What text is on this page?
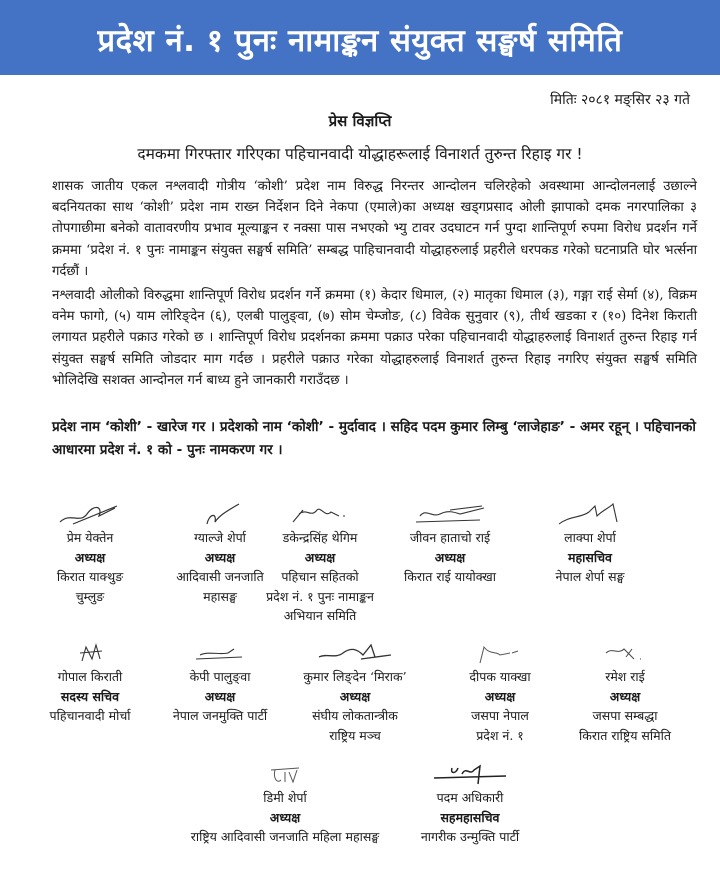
प्रदेश नं. १ पुनः नामाङ्कन संयुक्त सङ्घर्ष समिति
मितिः २०८१ मङ्सिर २३ गते
प्रेस विज्ञप्ति
दमकमा गिरफ्तार गरिएका पहिचानवादी योद्धाहरूलाई विनाशर्त तुरुन्त रिहाइ गर !
शासक जातीय एकल नश्लवादी गोत्रीय ‘कोशी’ प्रदेश नाम विरुद्ध निरन्तर आन्दोलन चलिरहेको अवस्थामा आन्दोलनलाई उछाल्ने बदनियतका साथ ‘कोशी’ प्रदेश नाम राख्न निर्देशन दिने नेकपा (एमाले)का अध्यक्ष खड्गप्रसाद ओली झापाको दमक नगरपालिका ३ तोपगाछीमा बनेको वातावरणीय प्रभाव मूल्याङ्कन र नक्सा पास नभएको भ्यु टावर उदघाटन गर्न पुग्दा शान्तिपूर्ण रुपमा विरोध प्रदर्शन गर्ने क्रममा ‘प्रदेश नं. १ पुनः नामाङ्कन संयुक्त सङ्घर्ष समिति’ सम्बद्ध पाहिचानवादी योद्धाहरुलाई प्रहरीले धरपकड गरेको घटनाप्रति घोर भर्त्सना गर्दछौं ।
नश्लवादी ओलीको विरुद्धमा शान्तिपूर्ण विरोध प्रदर्शन गर्ने क्रममा (१) केदार धिमाल, (२) मातृका धिमाल (३), गङ्गा राई सेर्मा (४), विक्रम वनेम फागो, (५) याम लोरिङ्देन (६), एलबी पालुङ्वा, (७) सोम चेम्जोङ, (८) विवेक सुनुवार (९), तीर्थ खडका र (१०) दिनेश किराती लगायत प्रहरीले पक्राउ गरेको छ । शान्तिपूर्ण विरोध प्रदर्शनका क्रममा पक्राउ परेका पहिचानवादी योद्धाहरुलाई विनाशर्त तुरुन्त रिहाइ गर्न संयुक्त सङ्घर्ष समिति जोडदार माग गर्दछ । प्रहरीले पक्राउ गरेका योद्धाहरुलाई विनाशर्त तुरुन्त रिहाइ नगरिए संयुक्त सङ्घर्ष समिति भोलिदेखि सशक्त आन्दोनल गर्न बाध्य हुने जानकारी गराउँदछ ।
प्रदेश नाम ‘कोशी’ - खारेज गर । प्रदेशको नाम ‘कोशी’ - मुर्दावाद । सहिद पदम कुमार लिम्बु ‘लाजेहाङ’ - अमर रहून् । पहिचानको आधारमा प्रदेश नं. १ को - पुनः नामकरण गर ।
प्रेम येक्तेन
अध्यक्ष
किरात याक्थुङ
चुम्लुङ
ग्याल्जे शेर्पा
अध्यक्ष
आदिवासी जनजाति
महासङ्घ
डकेन्द्रसिंह थेगिम
अध्यक्ष
पहिचान सहितको
प्रदेश नं. १ पुनः नामाङ्कन
अभियान समिति
जीवन हाताचो राई
अध्यक्ष
किरात राई यायोक्खा
लाक्पा शेर्पा
महासचिव
नेपाल शेर्पा सङ्घ
गोपाल किराती
सदस्य सचिव
पहिचानवादी मोर्चा
केपी पालुङ्वा
अध्यक्ष
नेपाल जनमुक्ति पार्टी
कुमार लिङ्देन ‘मिराक’
अध्यक्ष
संघीय लोकतान्त्रीक
राष्ट्रिय मञ्च
दीपक याक्खा
अध्यक्ष
जसपा नेपाल
प्रदेश नं. १
रमेश राई
अध्यक्ष
जसपा सम्बद्धा
किरात राष्ट्रिय समिति
डिमी शेर्पा
अध्यक्ष
राष्ट्रिय आदिवासी जनजाति महिला महासङ्घ
पदम अधिकारी
सहमहासचिव
नागरीक उन्मुक्ति पार्टी
